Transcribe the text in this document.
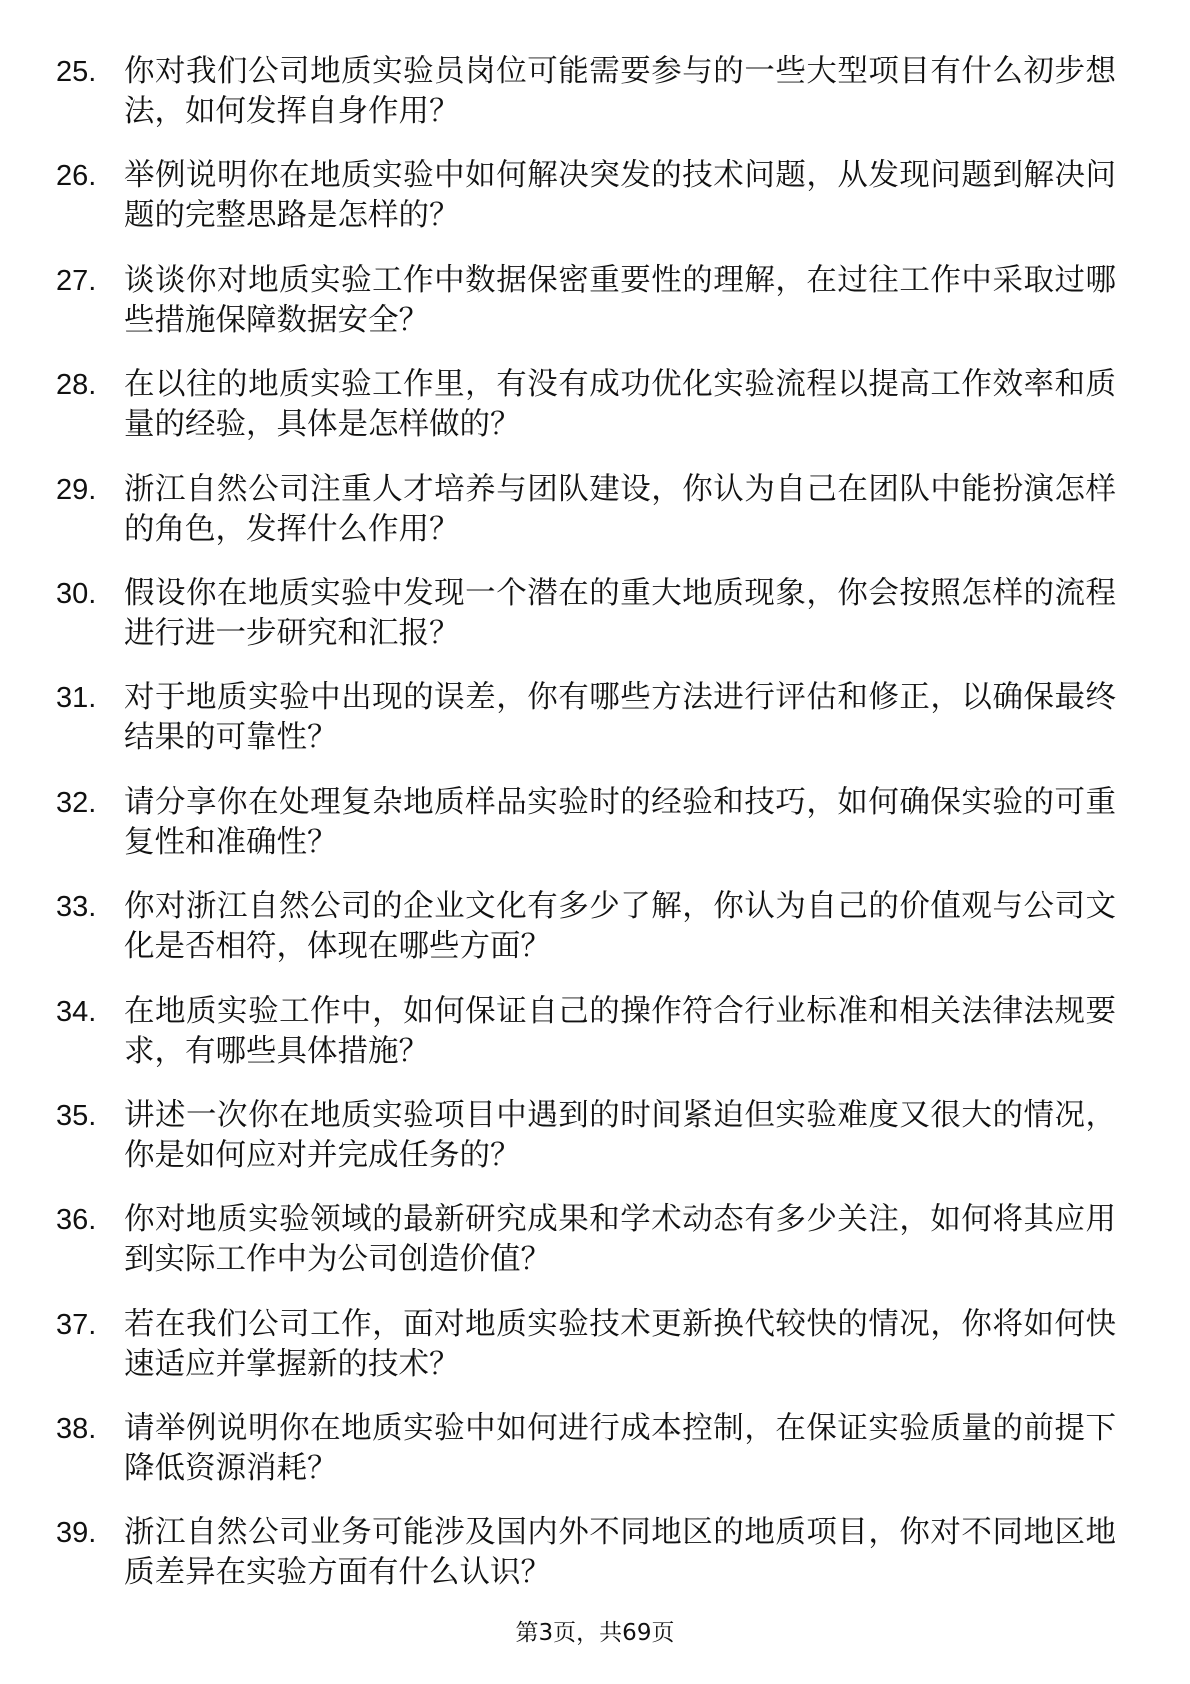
25. 你对我们公司地质实验员岗位可能需要参与的一些大型项目有什么初步想法，如何发挥自身作用？
26. 举例说明你在地质实验中如何解决突发的技术问题，从发现问题到解决问题的完整思路是怎样的？
27. 谈谈你对地质实验工作中数据保密重要性的理解，在过往工作中采取过哪些措施保障数据安全？
28. 在以往的地质实验工作里，有没有成功优化实验流程以提高工作效率和质量的经验，具体是怎样做的？
29. 浙江自然公司注重人才培养与团队建设，你认为自己在团队中能扮演怎样的角色，发挥什么作用？
30. 假设你在地质实验中发现一个潜在的重大地质现象，你会按照怎样的流程进行进一步研究和汇报？
31. 对于地质实验中出现的误差，你有哪些方法进行评估和修正，以确保最终结果的可靠性？
32. 请分享你在处理复杂地质样品实验时的经验和技巧，如何确保实验的可重复性和准确性？
33. 你对浙江自然公司的企业文化有多少了解，你认为自己的价值观与公司文化是否相符，体现在哪些方面？
34. 在地质实验工作中，如何保证自己的操作符合行业标准和相关法律法规要求，有哪些具体措施？
35. 讲述一次你在地质实验项目中遇到的时间紧迫但实验难度又很大的情况，你是如何应对并完成任务的？
36. 你对地质实验领域的最新研究成果和学术动态有多少关注，如何将其应用到实际工作中为公司创造价值？
37. 若在我们公司工作，面对地质实验技术更新换代较快的情况，你将如何快速适应并掌握新的技术？
38. 请举例说明你在地质实验中如何进行成本控制，在保证实验质量的前提下降低资源消耗？
39. 浙江自然公司业务可能涉及国内外不同地区的地质项目，你对不同地区地质差异在实验方面有什么认识？
第3页，共69页
